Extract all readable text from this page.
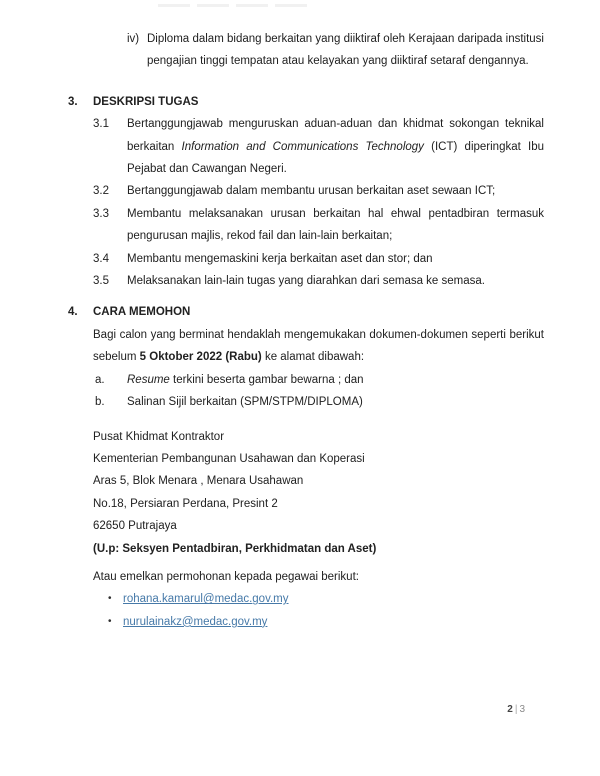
iv) Diploma dalam bidang berkaitan yang diiktiraf oleh Kerajaan daripada institusi pengajian tinggi tempatan atau kelayakan yang diiktiraf setaraf dengannya.
3.	DESKRIPSI TUGAS
3.1	Bertanggungjawab menguruskan aduan-aduan dan khidmat sokongan teknikal berkaitan Information and Communications Technology (ICT) diperingkat Ibu Pejabat dan Cawangan Negeri.
3.2	Bertanggungjawab dalam membantu urusan berkaitan aset sewaan ICT;
3.3	Membantu melaksanakan urusan berkaitan hal ehwal pentadbiran termasuk pengurusan majlis, rekod fail dan lain-lain berkaitan;
3.4	Membantu mengemaskini kerja berkaitan aset dan stor; dan
3.5	Melaksanakan lain-lain tugas yang diarahkan dari semasa ke semasa.
4.	CARA MEMOHON
Bagi calon yang berminat hendaklah mengemukakan dokumen-dokumen seperti berikut sebelum 5 Oktober 2022 (Rabu) ke alamat dibawah:
a.	Resume terkini beserta gambar bewarna ; dan
b.	Salinan Sijil berkaitan (SPM/STPM/DIPLOMA)
Pusat Khidmat Kontraktor
Kementerian Pembangunan Usahawan dan Koperasi
Aras 5, Blok Menara , Menara Usahawan
No.18, Persiaran Perdana, Presint 2
62650 Putrajaya
(U.p: Seksyen Pentadbiran, Perkhidmatan dan Aset)
Atau emelkan permohonan kepada pegawai berikut:
• rohana.kamarul@medac.gov.my
• nurulainakz@medac.gov.my
2 | 3
